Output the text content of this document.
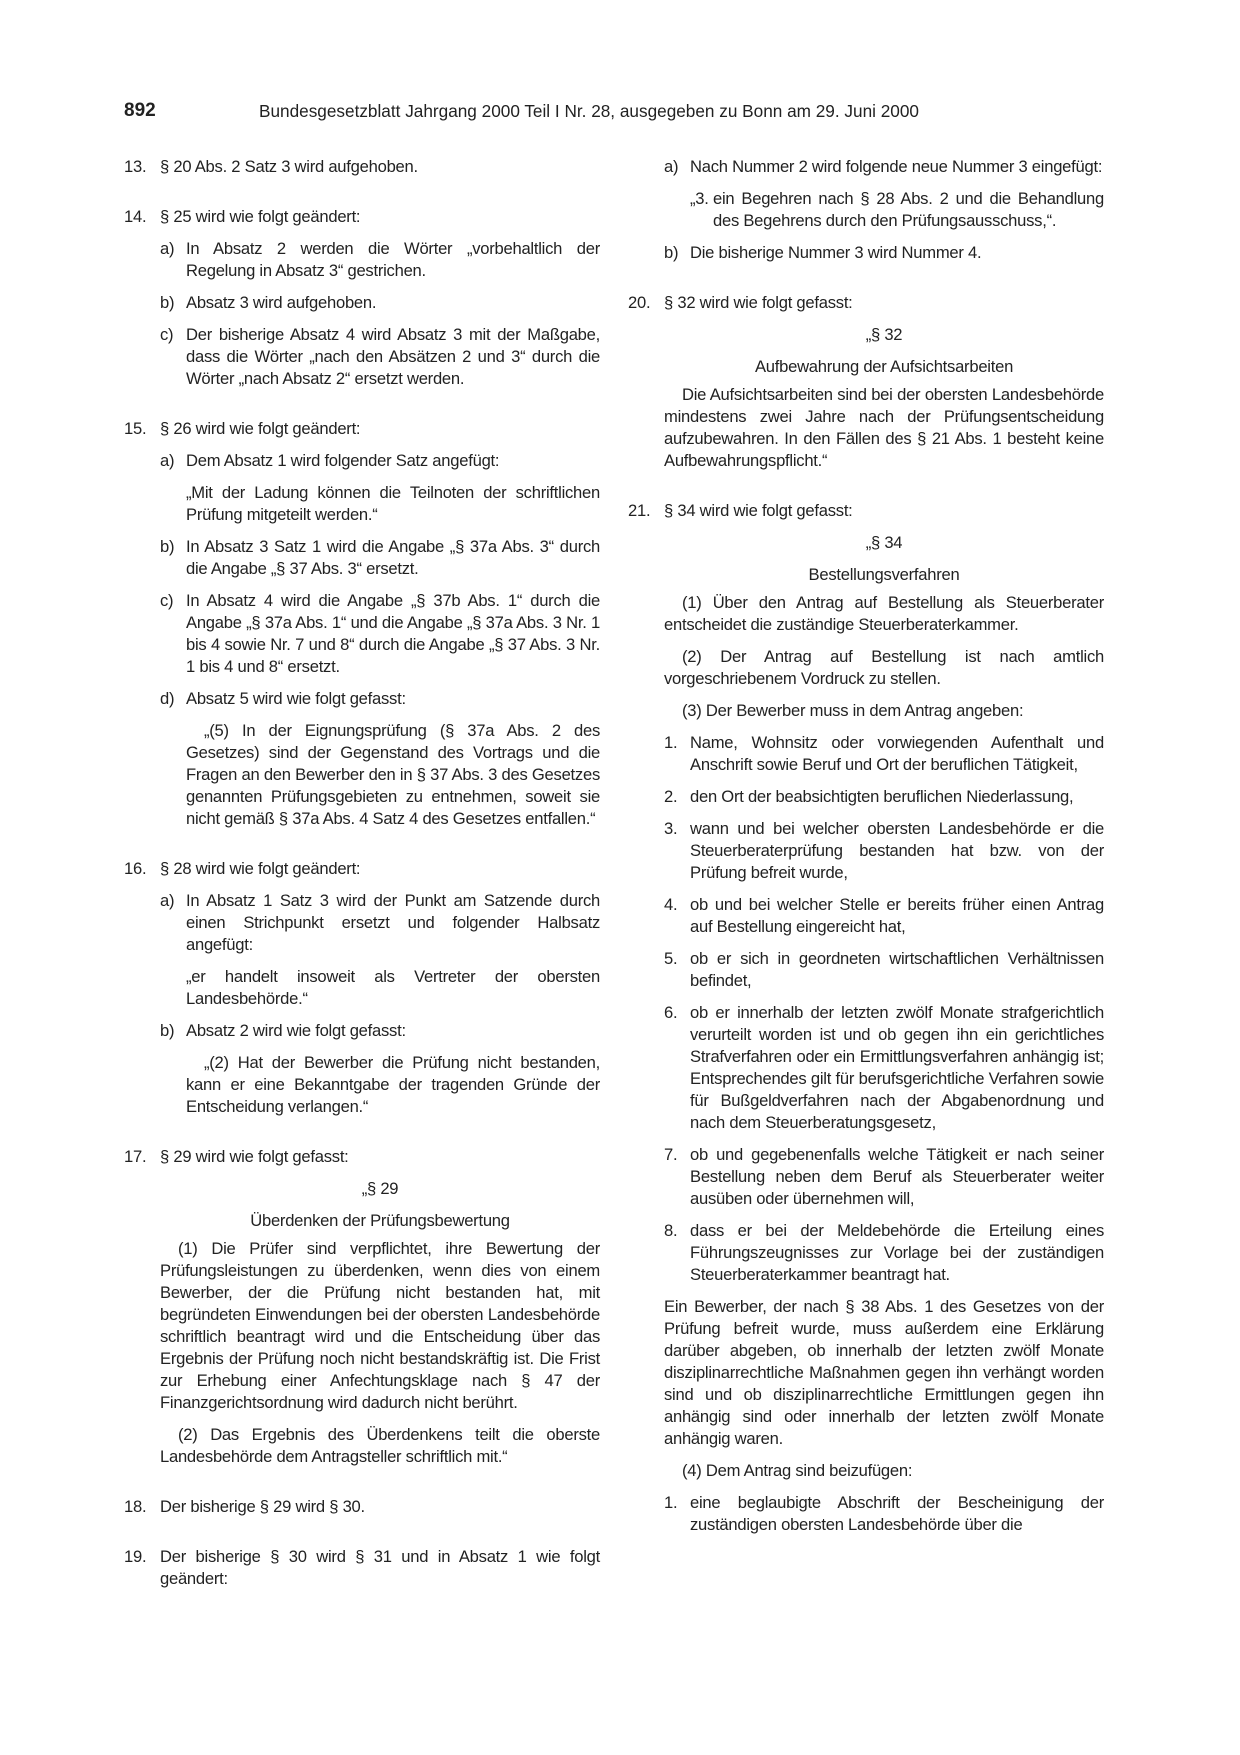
892	Bundesgesetzblatt Jahrgang 2000 Teil I Nr. 28, ausgegeben zu Bonn am 29. Juni 2000
13. § 20 Abs. 2 Satz 3 wird aufgehoben.
14. § 25 wird wie folgt geändert:
a) In Absatz 2 werden die Wörter „vorbehaltlich der Regelung in Absatz 3“ gestrichen.
b) Absatz 3 wird aufgehoben.
c) Der bisherige Absatz 4 wird Absatz 3 mit der Maßgabe, dass die Wörter „nach den Absätzen 2 und 3“ durch die Wörter „nach Absatz 2“ ersetzt werden.
15. § 26 wird wie folgt geändert:
a) Dem Absatz 1 wird folgender Satz angefügt:
„Mit der Ladung können die Teilnoten der schriftlichen Prüfung mitgeteilt werden.“
b) In Absatz 3 Satz 1 wird die Angabe „§ 37a Abs. 3“ durch die Angabe „§ 37 Abs. 3“ ersetzt.
c) In Absatz 4 wird die Angabe „§ 37b Abs. 1“ durch die Angabe „§ 37a Abs. 1“ und die Angabe „§ 37a Abs. 3 Nr. 1 bis 4 sowie Nr. 7 und 8“ durch die Angabe „§ 37 Abs. 3 Nr. 1 bis 4 und 8“ ersetzt.
d) Absatz 5 wird wie folgt gefasst:
„(5) In der Eignungsprüfung (§ 37a Abs. 2 des Gesetzes) sind der Gegenstand des Vortrags und die Fragen an den Bewerber den in § 37 Abs. 3 des Gesetzes genannten Prüfungsgebieten zu entnehmen, soweit sie nicht gemäß § 37a Abs. 4 Satz 4 des Gesetzes entfallen.“
16. § 28 wird wie folgt geändert:
a) In Absatz 1 Satz 3 wird der Punkt am Satzende durch einen Strichpunkt ersetzt und folgender Halbsatz angefügt:
„er handelt insoweit als Vertreter der obersten Landesbehörde.“
b) Absatz 2 wird wie folgt gefasst:
„(2) Hat der Bewerber die Prüfung nicht bestanden, kann er eine Bekanntgabe der tragenden Gründe der Entscheidung verlangen.“
17. § 29 wird wie folgt gefasst:
„§ 29
Überdenken der Prüfungsbewertung
(1) Die Prüfer sind verpflichtet, ihre Bewertung der Prüfungsleistungen zu überdenken, wenn dies von einem Bewerber, der die Prüfung nicht bestanden hat, mit begründeten Einwendungen bei der obersten Landesbehörde schriftlich beantragt wird und die Entscheidung über das Ergebnis der Prüfung noch nicht bestandskräftig ist. Die Frist zur Erhebung einer Anfechtungsklage nach § 47 der Finanzgerichtsordnung wird dadurch nicht berührt.
(2) Das Ergebnis des Überdenkens teilt die oberste Landesbehörde dem Antragsteller schriftlich mit.“
18. Der bisherige § 29 wird § 30.
19. Der bisherige § 30 wird § 31 und in Absatz 1 wie folgt geändert:
a) Nach Nummer 2 wird folgende neue Nummer 3 eingefügt:
„3. ein Begehren nach § 28 Abs. 2 und die Behandlung des Begehrens durch den Prüfungsausschuss,“.
b) Die bisherige Nummer 3 wird Nummer 4.
20. § 32 wird wie folgt gefasst:
„§ 32
Aufbewahrung der Aufsichtsarbeiten
Die Aufsichtsarbeiten sind bei der obersten Landesbehörde mindestens zwei Jahre nach der Prüfungsentscheidung aufzubewahren. In den Fällen des § 21 Abs. 1 besteht keine Aufbewahrungspflicht.“
21. § 34 wird wie folgt gefasst:
„§ 34
Bestellungsverfahren
(1) Über den Antrag auf Bestellung als Steuerberater entscheidet die zuständige Steuerberaterkammer.
(2) Der Antrag auf Bestellung ist nach amtlich vorgeschriebenem Vordruck zu stellen.
(3) Der Bewerber muss in dem Antrag angeben:
1. Name, Wohnsitz oder vorwiegenden Aufenthalt und Anschrift sowie Beruf und Ort der beruflichen Tätigkeit,
2. den Ort der beabsichtigten beruflichen Niederlassung,
3. wann und bei welcher obersten Landesbehörde er die Steuerberaterprüfung bestanden hat bzw. von der Prüfung befreit wurde,
4. ob und bei welcher Stelle er bereits früher einen Antrag auf Bestellung eingereicht hat,
5. ob er sich in geordneten wirtschaftlichen Verhältnissen befindet,
6. ob er innerhalb der letzten zwölf Monate strafgerichtlich verurteilt worden ist und ob gegen ihn ein gerichtliches Strafverfahren oder ein Ermittlungsverfahren anhängig ist; Entsprechendes gilt für berufsgerichtliche Verfahren sowie für Bußgeldverfahren nach der Abgabenordnung und nach dem Steuerberatungsgesetz,
7. ob und gegebenenfalls welche Tätigkeit er nach seiner Bestellung neben dem Beruf als Steuerberater weiter ausüben oder übernehmen will,
8. dass er bei der Meldebehörde die Erteilung eines Führungszeugnisses zur Vorlage bei der zuständigen Steuerberaterkammer beantragt hat.
Ein Bewerber, der nach § 38 Abs. 1 des Gesetzes von der Prüfung befreit wurde, muss außerdem eine Erklärung darüber abgeben, ob innerhalb der letzten zwölf Monate disziplinarrechtliche Maßnahmen gegen ihn verhängt worden sind und ob disziplinarrechtliche Ermittlungen gegen ihn anhängig sind oder innerhalb der letzten zwölf Monate anhängig waren.
(4) Dem Antrag sind beizufügen:
1. eine beglaubigte Abschrift der Bescheinigung der zuständigen obersten Landesbehörde über die
